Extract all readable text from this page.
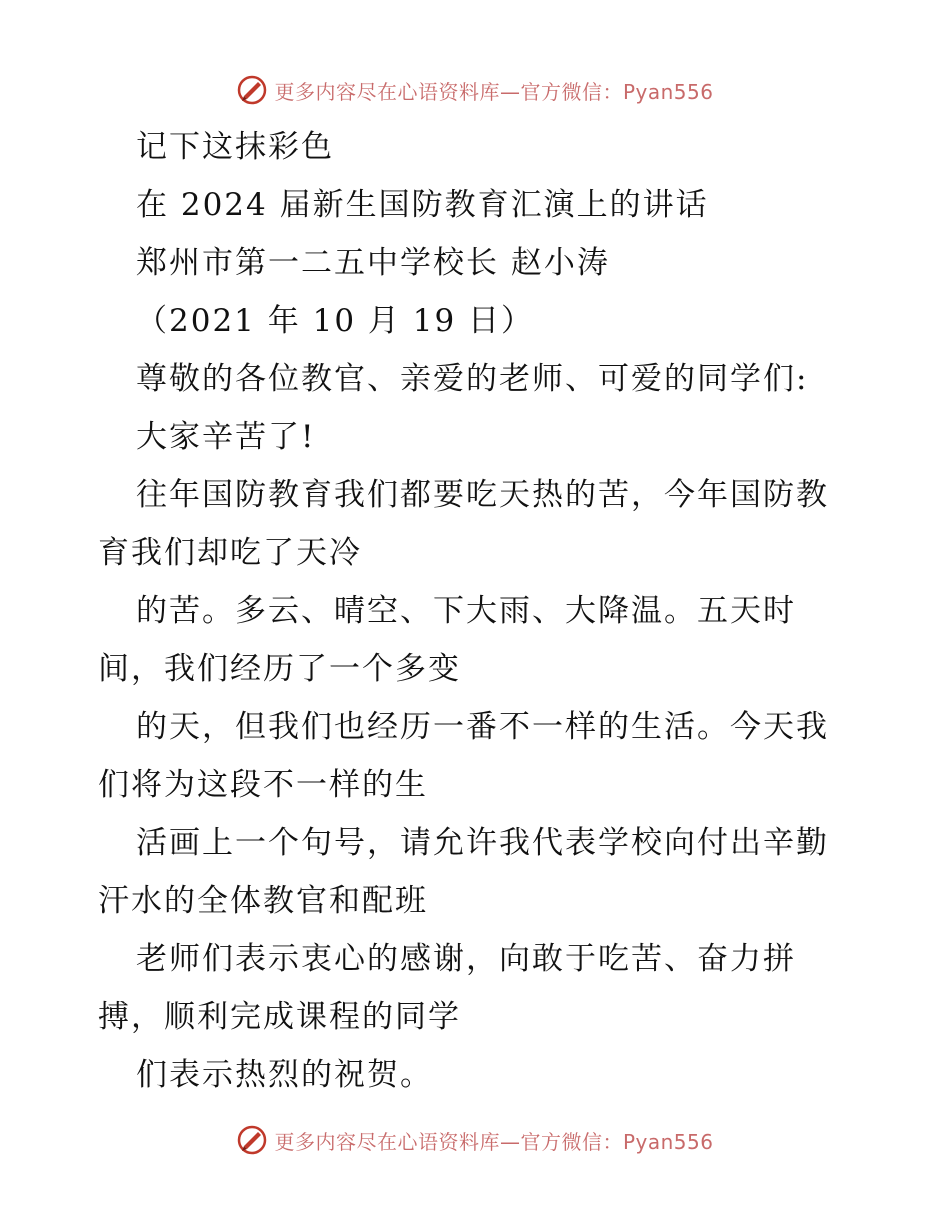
更多内容尽在心语资料库—官方微信：Pyan556
记下这抹彩色
在 2024 届新生国防教育汇演上的讲话
郑州市第一二五中学校长 赵小涛
（2021 年 10 月 19 日）
尊敬的各位教官、亲爱的老师、可爱的同学们:
大家辛苦了!
往年国防教育我们都要吃天热的苦，今年国防教
育我们却吃了天冷
的苦。多云、晴空、下大雨、大降温。五天时
间，我们经历了一个多变
的天，但我们也经历一番不一样的生活。今天我
们将为这段不一样的生
活画上一个句号，请允许我代表学校向付出辛勤
汗水的全体教官和配班
老师们表示衷心的感谢，向敢于吃苦、奋力拼
搏，顺利完成课程的同学
们表示热烈的祝贺。
更多内容尽在心语资料库—官方微信：Pyan556
